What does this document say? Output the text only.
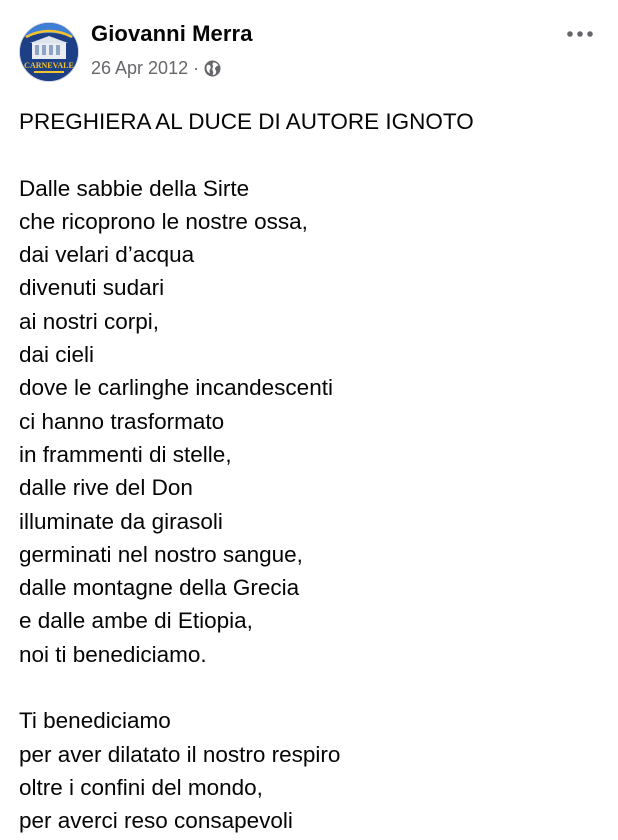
CARNEVALE
Giovanni Merra
26 Apr 2012 ·

PREGHIERA AL DUCE DI AUTORE IGNOTO

Dalle sabbie della Sirte
che ricoprono le nostre ossa,
dai velari d’acqua
divenuti sudari
ai nostri corpi,
dai cieli
dove le carlinghe incandescenti
ci hanno trasformato
in frammenti di stelle,
dalle rive del Don
illuminate da girasoli
germinati nel nostro sangue,
dalle montagne della Grecia
e dalle ambe di Etiopia,
noi ti benediciamo.

Ti benediciamo
per aver dilatato il nostro respiro
oltre i confini del mondo,
per averci reso consapevoli
